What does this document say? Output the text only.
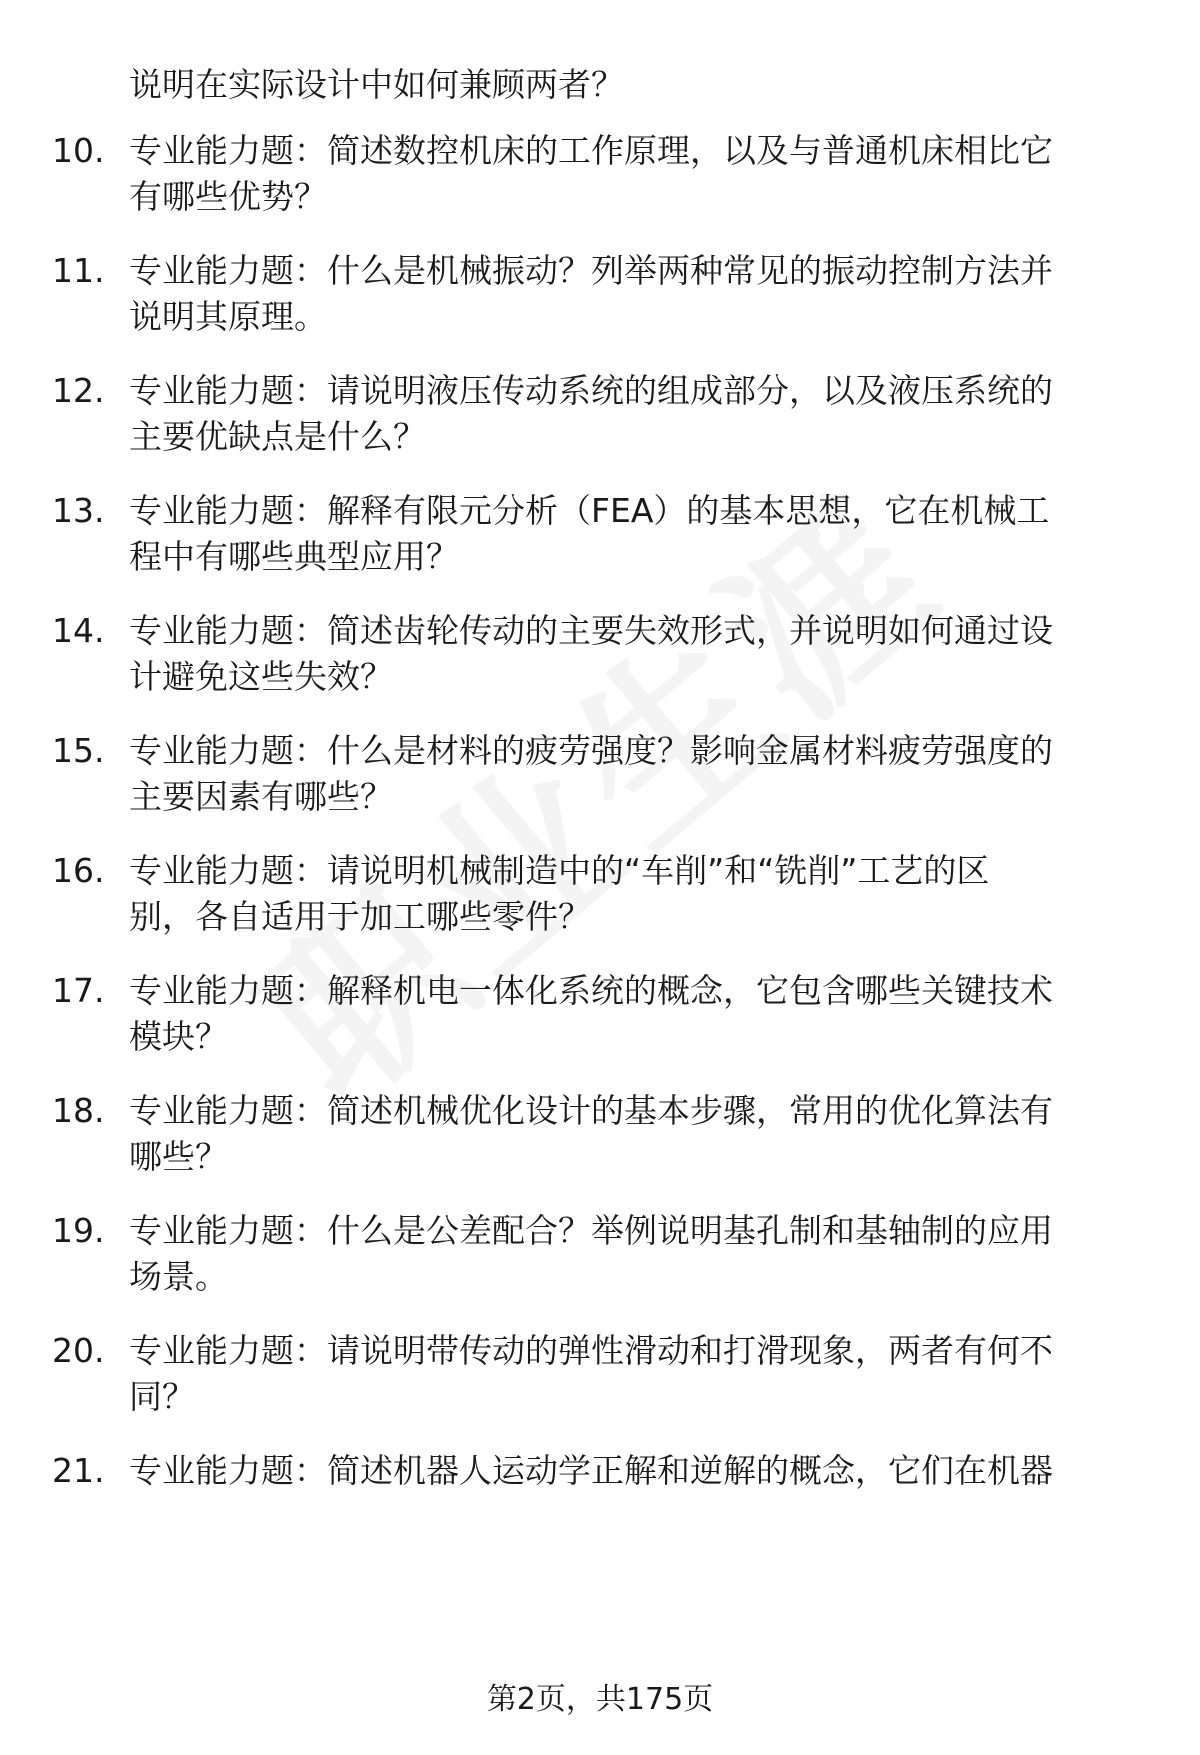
说明在实际设计中如何兼顾两者？
10. 专业能力题：简述数控机床的工作原理，以及与普通机床相比它
有哪些优势？
11. 专业能力题：什么是机械振动？列举两种常见的振动控制方法并
说明其原理。
12. 专业能力题：请说明液压传动系统的组成部分，以及液压系统的
主要优缺点是什么？
13. 专业能力题：解释有限元分析（FEA）的基本思想，它在机械工
程中有哪些典型应用？
14. 专业能力题：简述齿轮传动的主要失效形式，并说明如何通过设
计避免这些失效？
15. 专业能力题：什么是材料的疲劳强度？影响金属材料疲劳强度的
主要因素有哪些？
16. 专业能力题：请说明机械制造中的“车削”和“铣削”工艺的区
别，各自适用于加工哪些零件？
17. 专业能力题：解释机电一体化系统的概念，它包含哪些关键技术
模块？
18. 专业能力题：简述机械优化设计的基本步骤，常用的优化算法有
哪些？
19. 专业能力题：什么是公差配合？举例说明基孔制和基轴制的应用
场景。
20. 专业能力题：请说明带传动的弹性滑动和打滑现象，两者有何不
同？
21. 专业能力题：简述机器人运动学正解和逆解的概念，它们在机器
第2页，共175页
